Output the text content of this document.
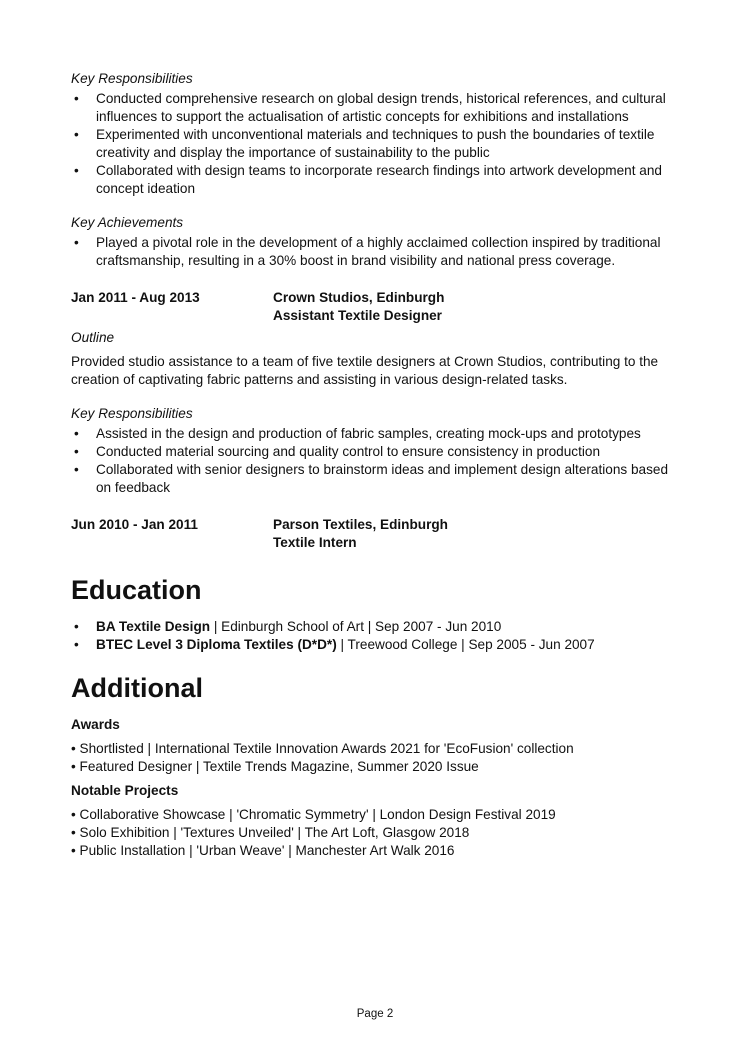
Key Responsibilities
• Conducted comprehensive research on global design trends, historical references, and cultural influences to support the actualisation of artistic concepts for exhibitions and installations
• Experimented with unconventional materials and techniques to push the boundaries of textile creativity and display the importance of sustainability to the public
• Collaborated with design teams to incorporate research findings into artwork development and concept ideation
Key Achievements
• Played a pivotal role in the development of a highly acclaimed collection inspired by traditional craftsmanship, resulting in a 30% boost in brand visibility and national press coverage.
Jan 2011 - Aug 2013	Crown Studios, Edinburgh
Assistant Textile Designer
Outline

Provided studio assistance to a team of five textile designers at Crown Studios, contributing to the creation of captivating fabric patterns and assisting in various design-related tasks.

Key Responsibilities
• Assisted in the design and production of fabric samples, creating mock-ups and prototypes
• Conducted material sourcing and quality control to ensure consistency in production
• Collaborated with senior designers to brainstorm ideas and implement design alterations based on feedback
Jun 2010 - Jan 2011	Parson Textiles, Edinburgh
Textile Intern
Education
• BA Textile Design | Edinburgh School of Art | Sep 2007 - Jun 2010
• BTEC Level 3 Diploma Textiles (D*D*) | Treewood College | Sep 2005 - Jun 2007
Additional
Awards
• Shortlisted | International Textile Innovation Awards 2021 for 'EcoFusion' collection
• Featured Designer | Textile Trends Magazine, Summer 2020 Issue
Notable Projects
• Collaborative Showcase | 'Chromatic Symmetry' | London Design Festival 2019
• Solo Exhibition | 'Textures Unveiled' | The Art Loft, Glasgow 2018
• Public Installation | 'Urban Weave' | Manchester Art Walk 2016
Page 2
